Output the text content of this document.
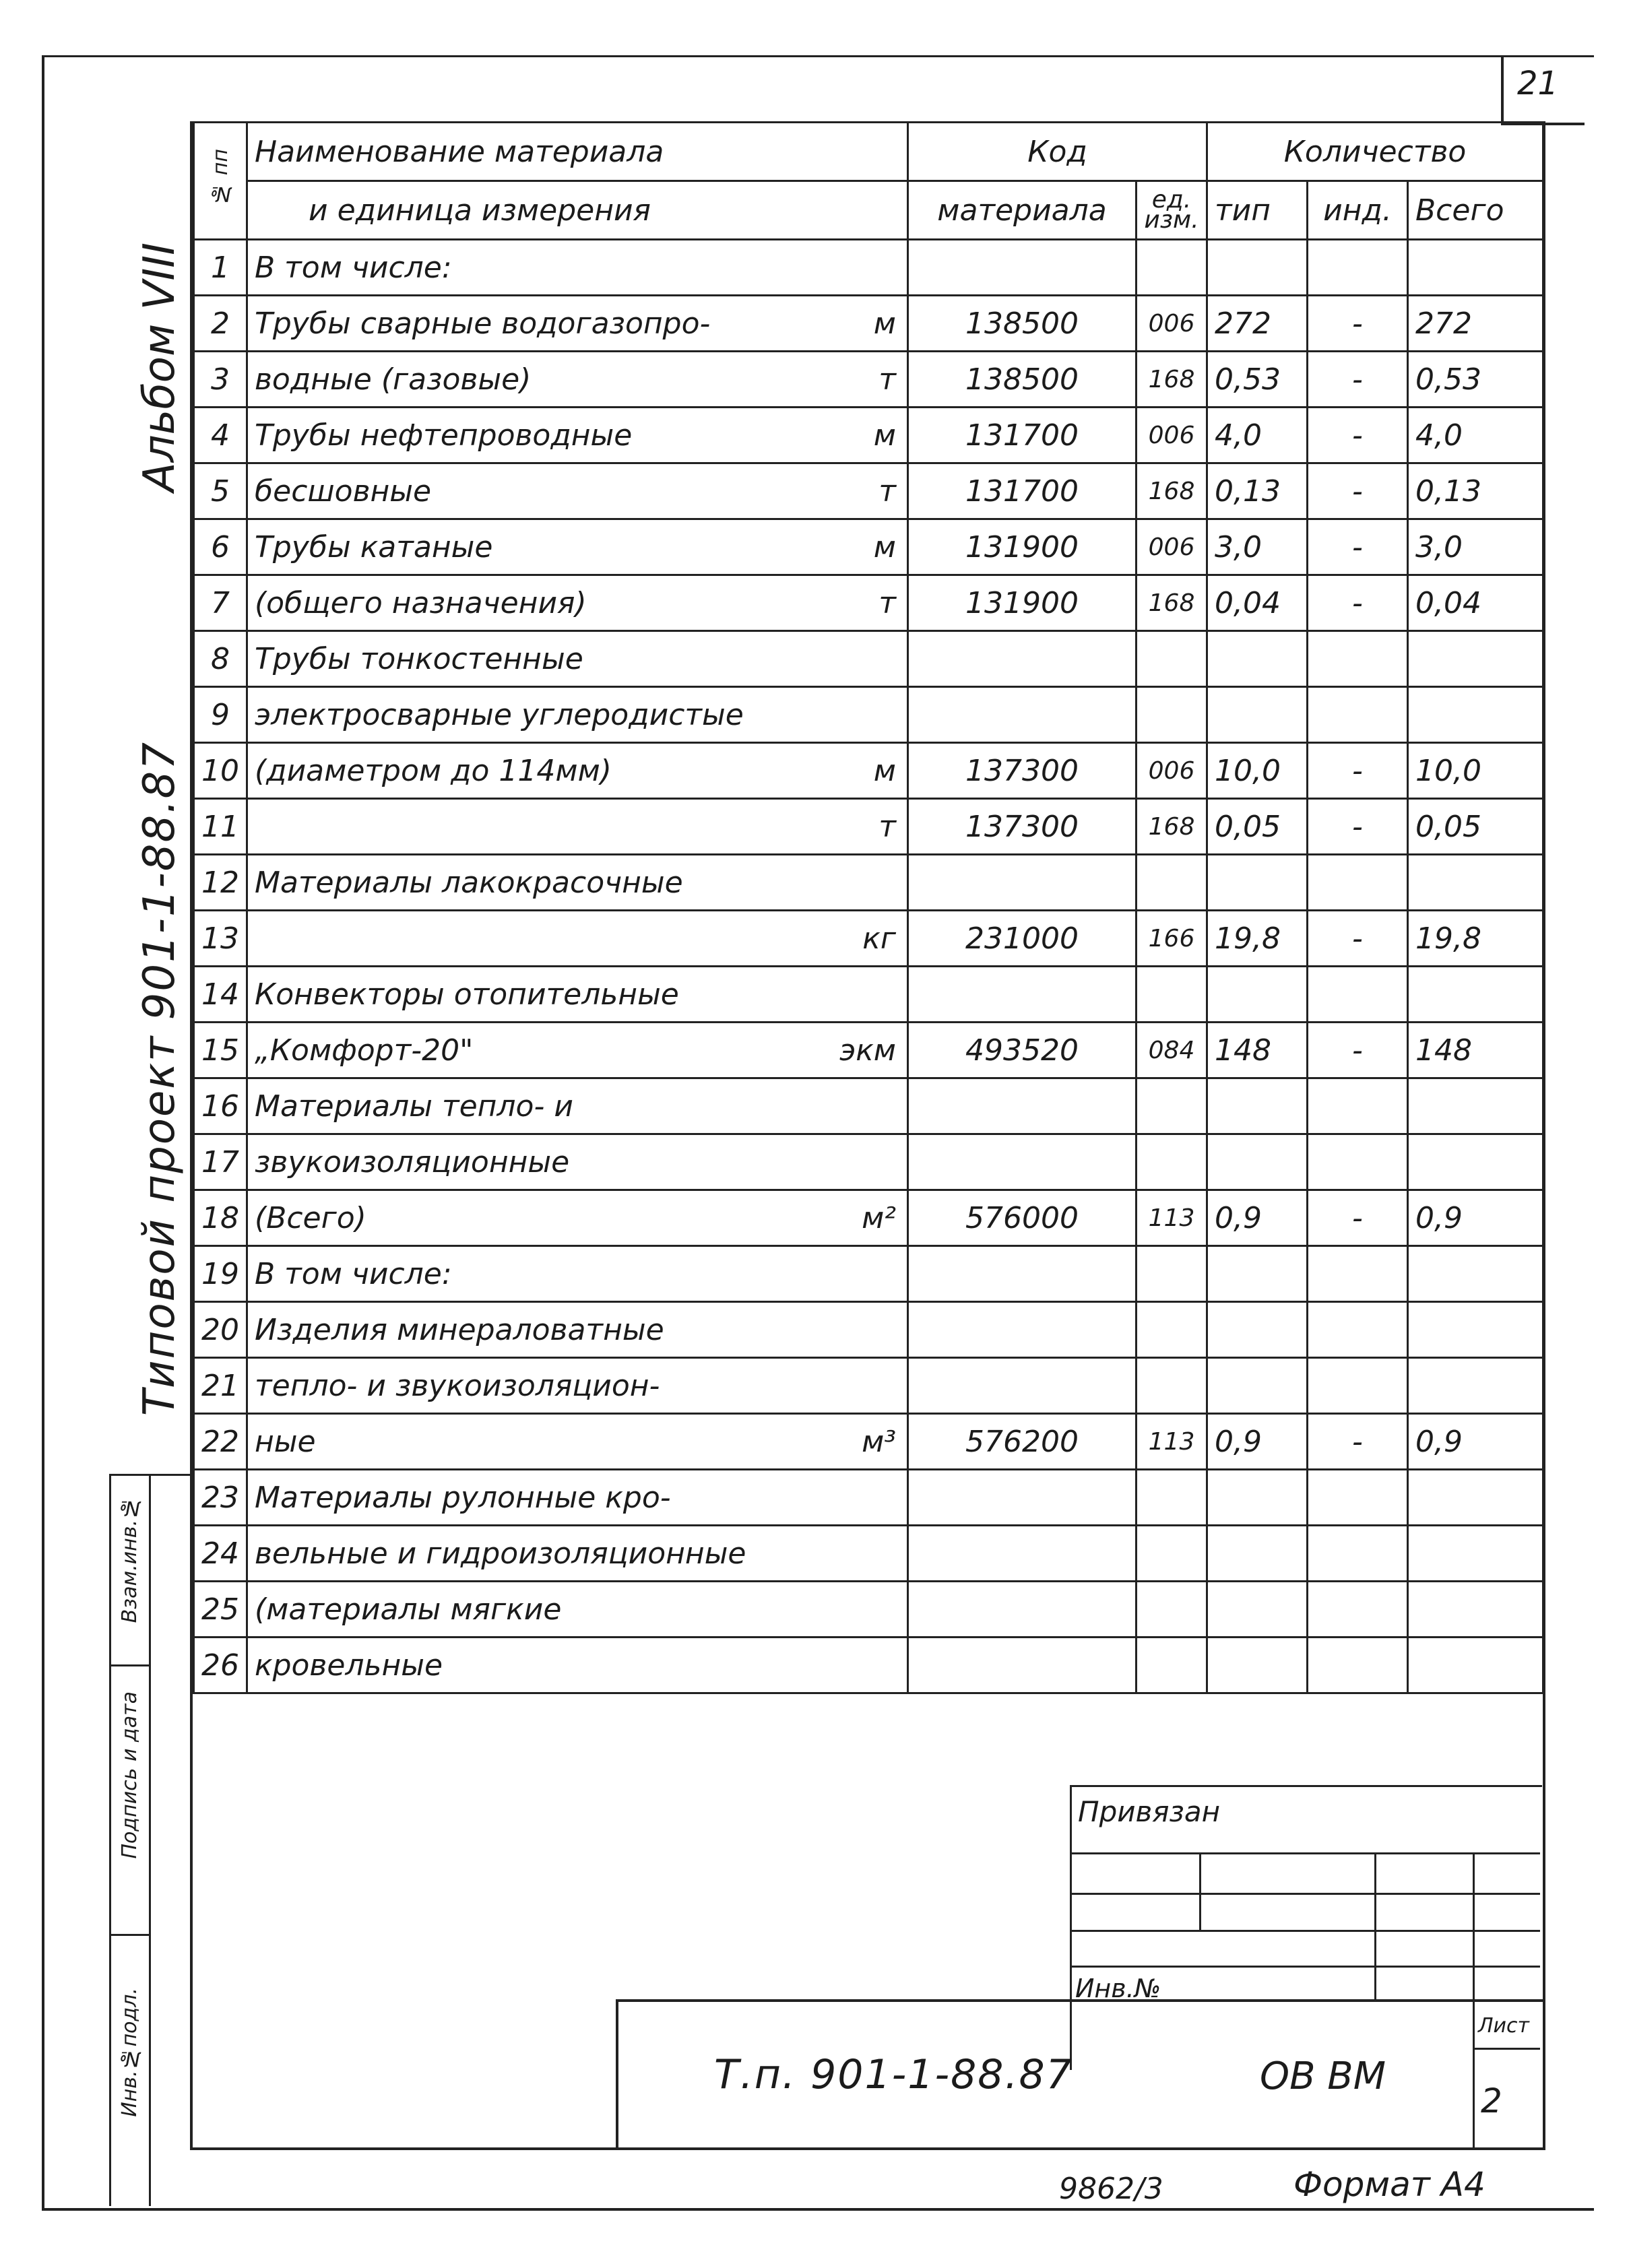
21
№ пп	Наименование материала	Код		Количество		
	и единица измерения	материала	ед. изм.	тип	инд.	Всего
1	В том числе:					

2	Трубы сварные водогазопро- м	138500	006	272	-	272
3	водные (газовые) т	138500	168	0,53	-	0,53
4	Трубы нефтепроводные м	131700	006	4,0	-	4,0
5	бесшовные т	131700	168	0,13	-	0,13
6	Трубы катаные м	131900	006	3,0	-	3,0
7	(общего назначения) т	131900	168	0,04	-	0,04
8	Трубы тонкостенные					

9	электросварные углеродистые					

10	(диаметром до 114мм) м	137300	006	10,0	-	10,0
11	т	137300	168	0,05	-	0,05
12	Материалы лакокрасочные					

13	кг	231000	166	19,8	-	19,8
14	Конвекторы отопительные					

15	„Комфорт-20" экм	493520	084	148	-	148
16	Материалы тепло- и					

17	звукоизоляционные					

18	(Всего) м²	576000	113	0,9	-	0,9
19	В том числе:					

20	Изделия минераловатные					

21	тепло- и звукоизоляцион-					

22	ные м³	576200	113	0,9	-	0,9
23	Материалы рулонные кро-					

24	вельные и гидроизоляционные					

25	(материалы мягкие					

26	кровельные					

Альбом VIII
Типовой проект 901-1-88.87
Взам.инв.№
Подпись и дата
Инв.№подл.
Привязан
Инв.№
Т.п. 901-1-88.87	ОВ ВМ
Лист
2
9862/3	Формат А4
